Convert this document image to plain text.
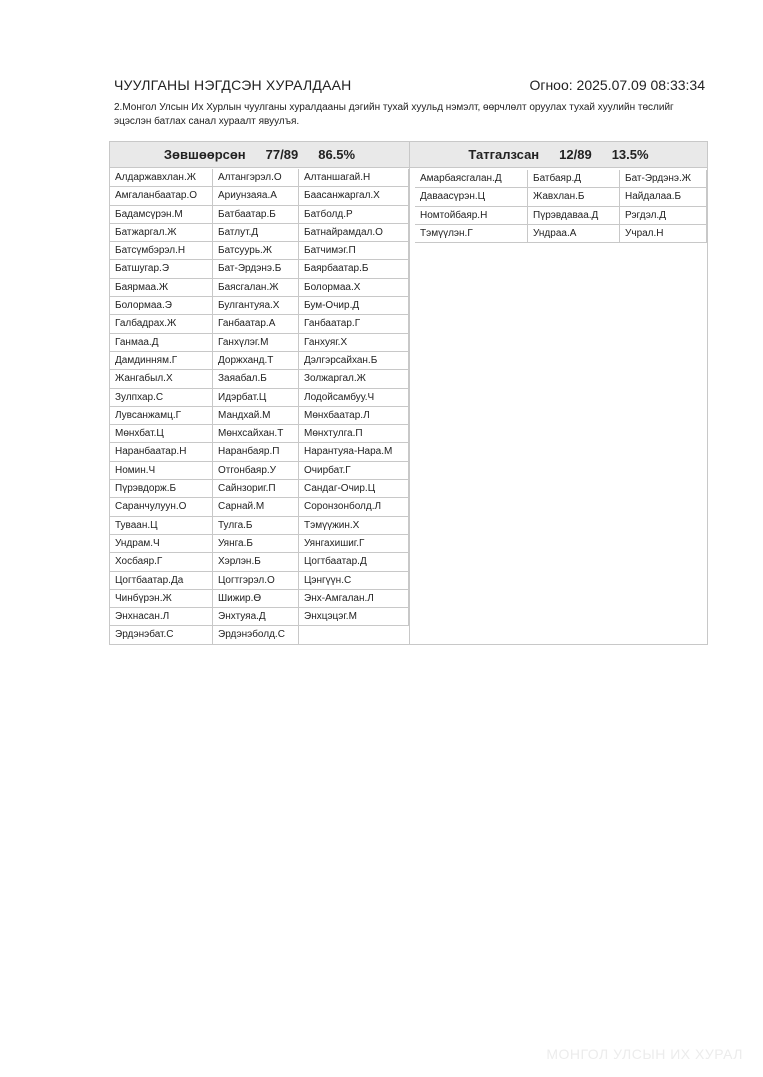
ЧУУЛГАНЫ НЭГДСЭН ХУРАЛДААН	Огноо: 2025.07.09 08:33:34
2.Монгол Улсын Их Хурлын чуулганы хуралдааны дэгийн тухай хуульд нэмэлт, өөрчлөлт оруулах тухай хуулийн төслийг эцэслэн батлах санал хураалт явуулъя.
Зөвшөөрсөн 77/89 86.5%	Татгалзсан 12/89 13.5%
Алдаржавхлан.Ж	Алтангэрэл.О	Алтаншагай.Н
Амгаланбаатар.О	Ариунзаяа.А	Баасанжаргал.Х
Бадамсүрэн.М	Батбаатар.Б	Батболд.Р
Батжаргал.Ж	Батлут.Д	Батнайрамдал.О
Батсүмбэрэл.Н	Батсуурь.Ж	Батчимэг.П
Батшугар.Э	Бат-Эрдэнэ.Б	Баярбаатар.Б
Баярмаа.Ж	Баясгалан.Ж	Болормаа.Х
Болормаа.Э	Булгантуяа.Х	Бум-Очир.Д
Галбадрах.Ж	Ганбаатар.А	Ганбаатар.Г
Ганмаа.Д	Ганхүлэг.М	Ганхуяг.Х
Дамдинням.Г	Доржханд.Т	Дэлгэрсайхан.Б
Жангабыл.Х	Заяабал.Б	Золжаргал.Ж
Зулпхар.С	Идэрбат.Ц	Лодойсамбуу.Ч
Лувсанжамц.Г	Мандхай.М	Мөнхбаатар.Л
Мөнхбат.Ц	Мөнхсайхан.Т	Мөнхтулга.П
Наранбаатар.Н	Наранбаяр.П	Нарантуяа-Нара.М
Номин.Ч	Отгонбаяр.У	Очирбат.Г
Пүрэвдорж.Б	Сайнзориг.П	Сандаг-Очир.Ц
Саранчулуун.О	Сарнай.М	Соронзонболд.Л
Туваан.Ц	Тулга.Б	Тэмүүжин.Х
Ундрам.Ч	Уянга.Б	Уянгахишиг.Г
Хосбаяр.Г	Хэрлэн.Б	Цогтбаатар.Д
Цогтбаатар.Да	Цогтгэрэл.О	Цэнгүүн.С
Чинбүрэн.Ж	Шижир.Ө	Энх-Амгалан.Л
Энхнасан.Л	Энхтуяа.Д	Энхцэцэг.М
Эрдэнэбат.С	Эрдэнэболд.С
Амарбаясгалан.Д	Батбаяр.Д	Бат-Эрдэнэ.Ж
Даваасүрэн.Ц	Жавхлан.Б	Найдалаа.Б
Номтойбаяр.Н	Пүрэвдаваа.Д	Рэгдэл.Д
Тэмүүлэн.Г	Ундраа.А	Учрал.Н
МОНГОЛ УЛСЫН ИХ ХУРАЛ
